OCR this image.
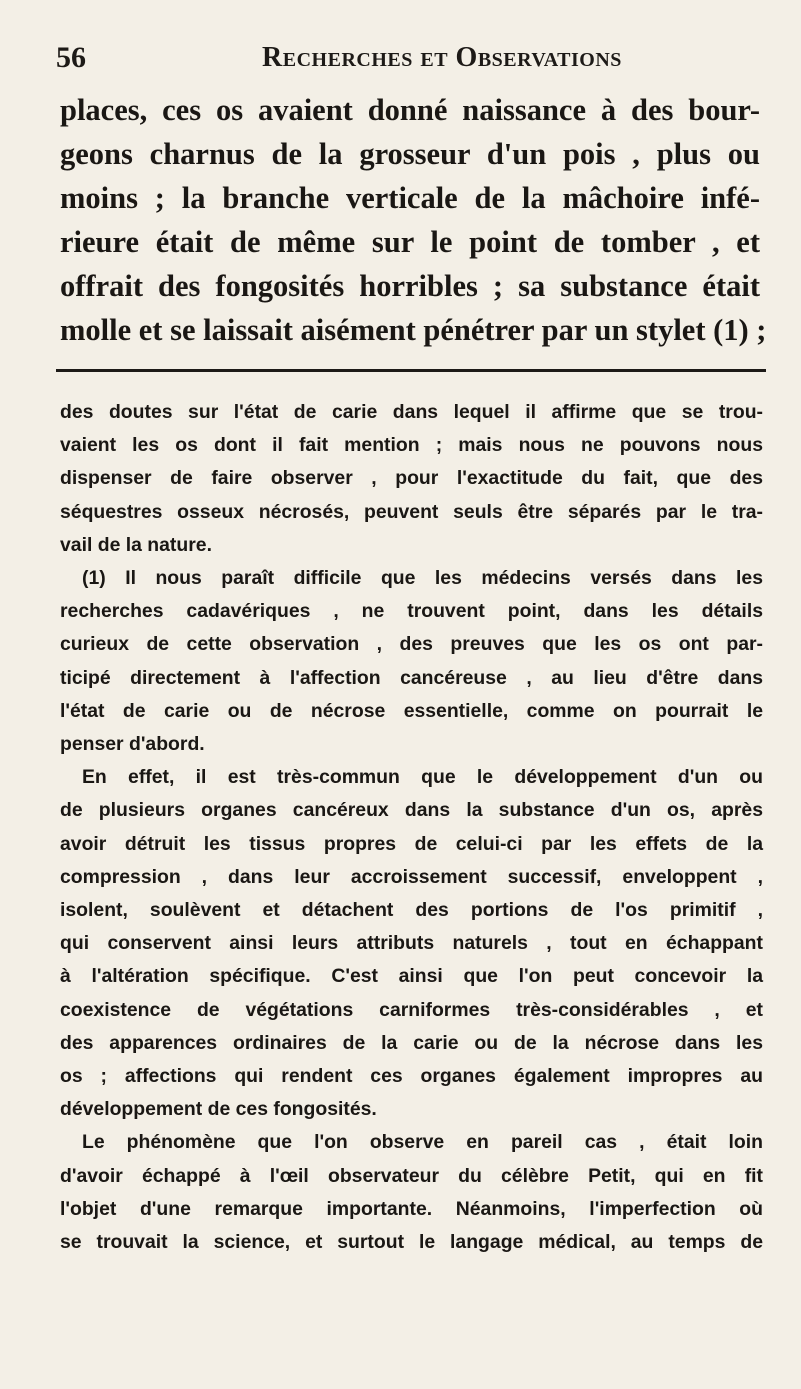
56	Recherches et Observations
places, ces os avaient donné naissance à des bour-
geons charnus de la grosseur d'un pois , plus ou
moins ; la branche verticale de la mâchoire infé-
rieure était de même sur le point de tomber , et
offrait des fongosités horribles ; sa substance était
molle et se laissait aisément pénétrer par un stylet (1) ;
des doutes sur l'état de carie dans lequel il affirme que se trou-
vaient les os dont il fait mention ; mais nous ne pouvons nous
dispenser de faire observer , pour l'exactitude du fait, que des
séquestres osseux nécrosés, peuvent seuls être séparés par le tra-
vail de la nature.
(1) Il nous paraît difficile que les médecins versés dans les
recherches cadavériques , ne trouvent point, dans les détails
curieux de cette observation , des preuves que les os ont par-
ticipé directement à l'affection cancéreuse , au lieu d'être dans
l'état de carie ou de nécrose essentielle, comme on pourrait le
penser d'abord.
En effet, il est très-commun que le développement d'un ou
de plusieurs organes cancéreux dans la substance d'un os, après
avoir détruit les tissus propres de celui-ci par les effets de la
compression , dans leur accroissement successif, enveloppent ,
isolent, soulèvent et détachent des portions de l'os primitif ,
qui conservent ainsi leurs attributs naturels , tout en échappant
à l'altération spécifique. C'est ainsi que l'on peut concevoir la
coexistence de végétations carniformes très-considérables , et
des apparences ordinaires de la carie ou de la nécrose dans les
os ; affections qui rendent ces organes également impropres au
développement de ces fongosités.
Le phénomène que l'on observe en pareil cas , était loin
d'avoir échappé à l'œil observateur du célèbre Petit, qui en fit
l'objet d'une remarque importante. Néanmoins, l'imperfection où
se trouvait la science, et surtout le langage médical, au temps de
